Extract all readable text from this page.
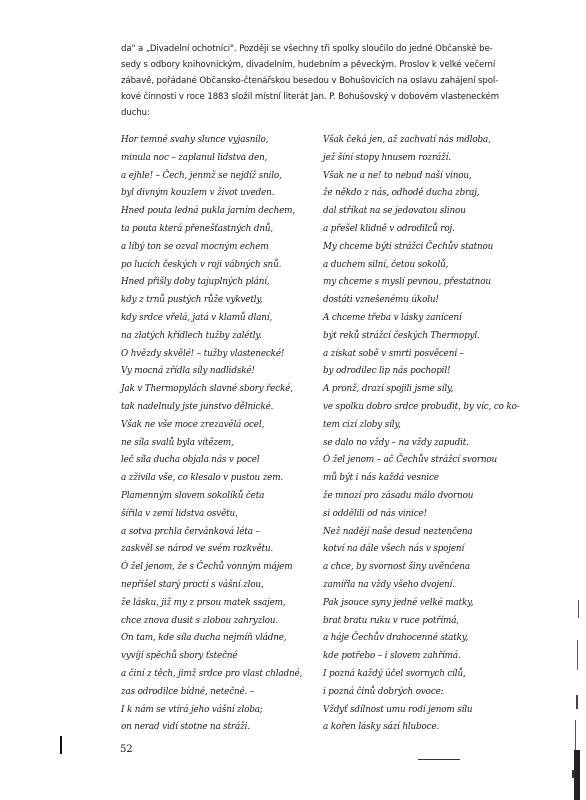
da" a „Divadelní ochotníci". Později se všechny tři spolky sloučilo do jedné Občanské be-
sedy s odbory knihovnickým, divadelním, hudebním a pěveckým. Proslov k velké večerní
zábavě, pořádané Občansko-čtenářskou besedou v Bohušovicích na oslavu zahájení spol-
kové činnosti v roce 1883 složil místní literát Jan. P. Bohušovský v dobovém vlasteneckém
duchu:
Hor temné svahy slunce vyjasnilo,
minula noc – zaplanul lidstva den,
a ejhle! – Čech, jenmž se nejdíž snilo,
byl divným kouzlem v život uveden.
Hned pouta ledná pukla jarním dechem,
ta pouta která přenešťastných dnů,
a líbý ton se ozval mocným echem
po lucích českých v roji vábných snů.
Hned přišly doby tajuplných plání,
kdy z trnů pustých růže vykvetly,
kdy srdce vřelá, jatá v klamů dlaní,
na zlatých křídlech tužby zalétly.
O hvězdy skvělé! – tužby vlastenecké!
Vy mocná zřídla síly nadlidské!
Jak v Thermopylách slavné sbory řecké,
tak nadelnuly jste junstvo dělnické.
Však ne vše moce zrezavělá ocel,
ne síla svalů byla vítězem,
leč síla ducha objala nás v pocel
a zživila vše, co klesalo v pustou zem.
Plamenným slovem sokolíků četa
šířila v zemi lidstva osvětu,
a sotva prchla červánková léta –
zaskvěl se národ ve svém rozkvětu.
Ó žel jenom, že s Čechů vonným májem
nepřišel starý proctí s vášní zlou,
že lásku, již my z prsou matek ssajem,
chce znova dusit s zlobou zahryzlou.
On tam, kde síla ducha nejmíň vládne,
vyvíjí spěchů sbory ťstečné
a činí z těch, jimž srdce pro vlast chladné,
zas odrodilce bídné, netečné. –
I k nám se vtírá jeho vášní zloba;
on nerad vidí stotne na stráži.
Však čeká jen, až zachvatí nás mdloba,
jež šíní stopy hnusem rozráží.
Však ne a ne! to nebud naší vinou,
že někdo z nás, odhodě ducha zbraj,
dal stříkat na se jedovatou slinou
a přešel klidně v odrodilců roj.
My chceme býti strážci Čechův statnou
a duchem silní, četou sokolů,
my chceme s myslí pevnou, přestatnou
dostáti vznešenému úkolu!
A chceme třeba v lásky zanícení
být reků strážcí českých Thermopyl.
a získat sobě v smrti posvěcení –
by odrodilec lip nás pochopil!
A pronž, drazí spojili jsme síly,
ve spolku dobro srdce probudit, by víc, co ko-
tem cizí zloby síly,
se dalo no vždy – na vždy zapudit.
Ó žel jenom – ač Čechův strážcí svornou
mů být i nás každá vesnice
že mnozí pro zásadu málo dvornou
si oddělili od nás vinice!
Než nadějí naše desud neztenčena
kotví na dále všech nás v spojení
a chce, by svornost šiny uvěnčena
zamířla na vždy všeho dvojení.
Pak jsouce syny jedné velké matky,
brat bratu ruku v ruce potřímá,
a háje Čechův drahocenné statky,
kde potřebo – i slovem zahřímá.
I pozná každý účel svornych cílů,
i pozná činů dobrých ovoce:
Vždyť sdílnost umu rodí jenom sílu
a kořen lásky sází hluboce.
52
